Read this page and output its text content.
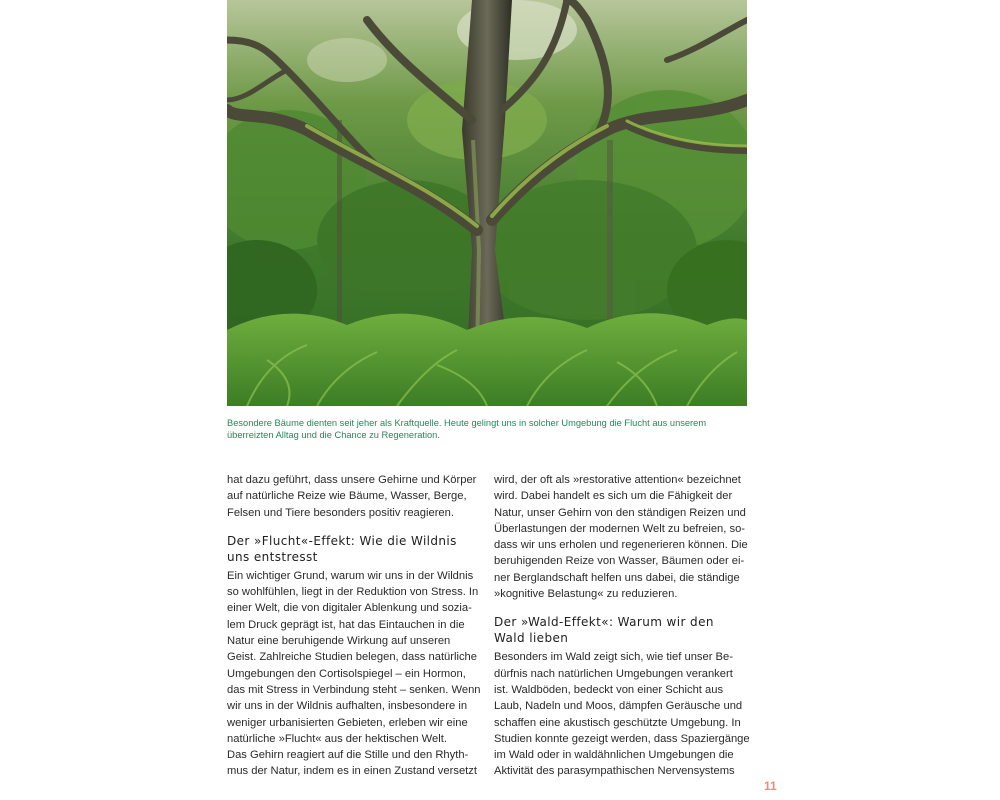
Besondere Bäume dienten seit jeher als Kraftquelle. Heute gelingt uns in solcher Umgebung die Flucht aus unserem

überreizten Alltag und die Chance zu Regeneration.

hat dazu geführt, dass unsere Gehirne und Körper

auf natürliche Reize wie Bäume, Wasser, Berge,

Felsen und Tiere besonders positiv reagieren.

Der »Flucht«-Effekt: Wie die Wildnis
uns entstresst

Ein wichtiger Grund, warum wir uns in der Wildnis

so wohlfühlen, liegt in der Reduktion von Stress. In

einer Welt, die von digitaler Ablenkung und sozia-

lem Druck geprägt ist, hat das Eintauchen in die

Natur eine beruhigende Wirkung auf unseren

Geist. Zahlreiche Studien belegen, dass natürliche

Umgebungen den Cortisolspiegel – ein Hormon,

das mit Stress in Verbindung steht – senken. Wenn

wir uns in der Wildnis aufhalten, insbesondere in

weniger urbanisierten Gebieten, erleben wir eine

natürliche »Flucht« aus der hektischen Welt.

Das Gehirn reagiert auf die Stille und den Rhyth-

mus der Natur, indem es in einen Zustand versetzt

wird, der oft als »restorative attention« bezeichnet

wird. Dabei handelt es sich um die Fähigkeit der

Natur, unser Gehirn von den ständigen Reizen und

Überlastungen der modernen Welt zu befreien, so-

dass wir uns erholen und regenerieren können. Die

beruhigenden Reize von Wasser, Bäumen oder ei-

ner Berglandschaft helfen uns dabei, die ständige

»kognitive Belastung« zu reduzieren.

Der »Wald-Effekt«: Warum wir den
Wald lieben

Besonders im Wald zeigt sich, wie tief unser Be-

dürfnis nach natürlichen Umgebungen verankert

ist. Waldböden, bedeckt von einer Schicht aus

Laub, Nadeln und Moos, dämpfen Geräusche und

schaffen eine akustisch geschützte Umgebung. In

Studien konnte gezeigt werden, dass Spaziergänge

im Wald oder in waldähnlichen Umgebungen die

Aktivität des parasympathischen Nervensystems

11
